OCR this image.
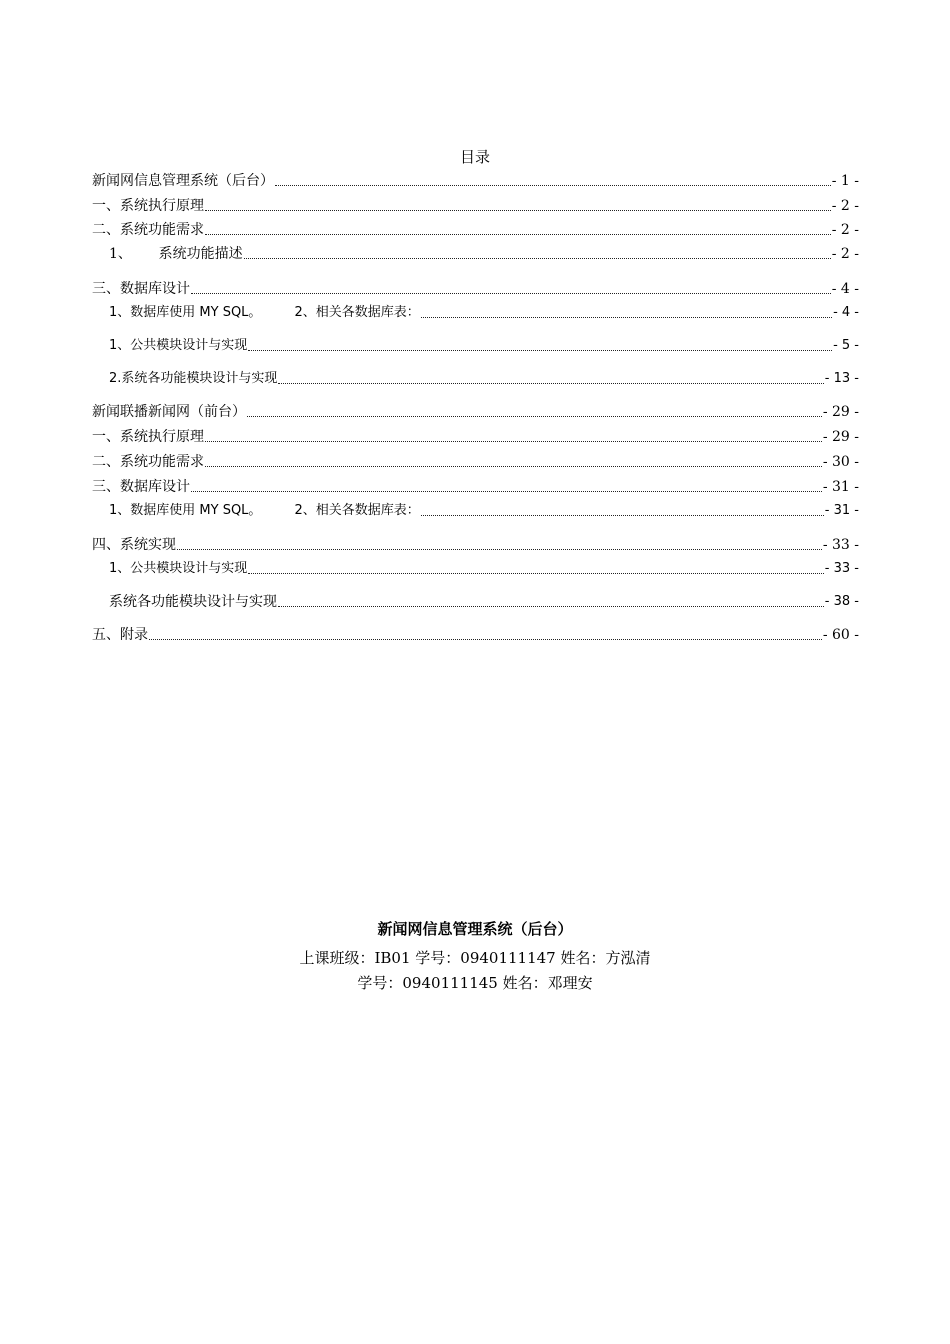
目录
新闻网信息管理系统（后台）	- 1 -
一、系统执行原理	- 2 -
二、系统功能需求	- 2 -
1、      系统功能描述	- 2 -
三、数据库设计	- 4 -
1、数据库使用 MY SQL。        2、相关各数据库表：	- 4 -
1、公共模块设计与实现	- 5 -
2.系统各功能模块设计与实现	- 13 -
新闻联播新闻网（前台）	- 29 -
一、系统执行原理	- 29 -
二、系统功能需求	- 30 -
三、数据库设计	- 31 -
1、数据库使用 MY SQL。        2、相关各数据库表：	- 31 -
四、系统实现	- 33 -
1、公共模块设计与实现	- 33 -
系统各功能模块设计与实现	- 38 -
五、附录	- 60 -
新闻网信息管理系统（后台）
上课班级：IB01 学号：0940111147 姓名：方泓清
学号：0940111145 姓名：邓理安
